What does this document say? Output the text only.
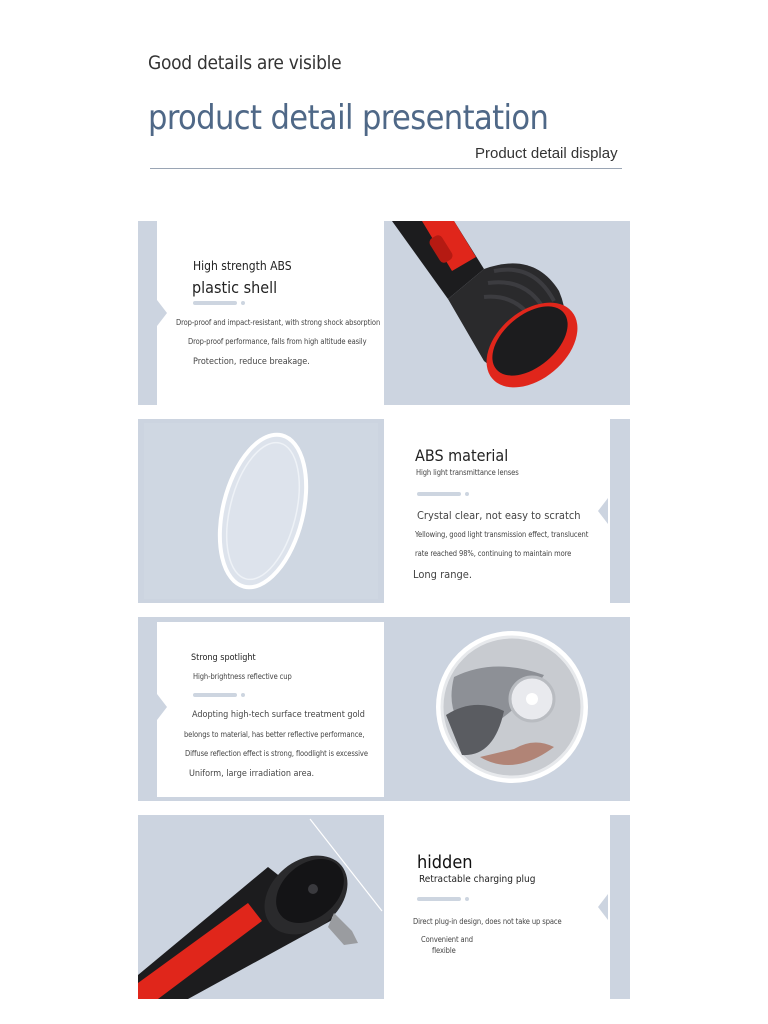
Good details are visible
product detail presentation
Product detail display
High strength ABS
plastic shell
Drop-proof and impact-resistant, with strong shock absorption
Drop-proof performance, falls from high altitude easily
Protection, reduce breakage.
ABS material
High light transmittance lenses
Crystal clear, not easy to scratch
Yellowing, good light transmission effect, translucent
rate reached 98%, continuing to maintain more
Long range.
Strong spotlight
High-brightness reflective cup
Adopting high-tech surface treatment gold
belongs to material, has better reflective performance,
Diffuse reflection effect is strong, floodlight is excessive
Uniform, large irradiation area.
hidden
Retractable charging plug
Direct plug-in design, does not take up space
Convenient and
flexible
